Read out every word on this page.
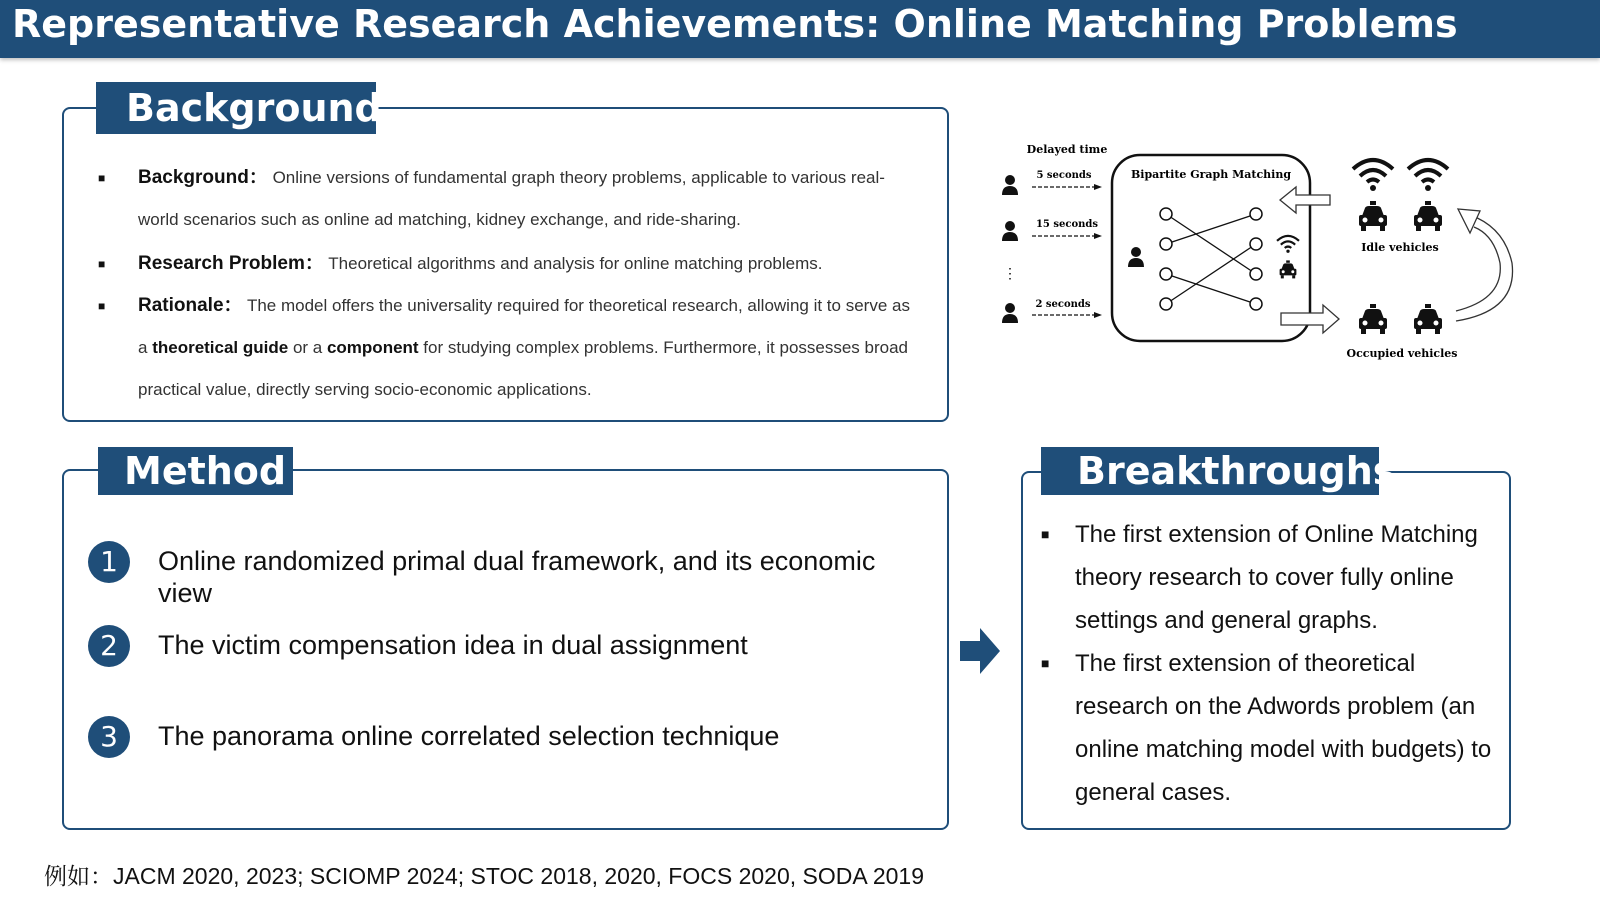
Representative Research Achievements: Online Matching Problems
■ Background： Online versions of fundamental graph theory problems, applicable to various real-world scenarios such as online ad matching, kidney exchange, and ride-sharing.
■ Research Problem： Theoretical algorithms and analysis for online matching problems.
■ Rationale： The model offers the universality required for theoretical research, allowing it to serve as a theoretical guide or a component for studying complex problems. Furthermore, it possesses broad practical value, directly serving socio-economic applications.
Background
Delayed time
⋮
5 seconds
15 seconds
2 seconds
Bipartite Graph Matching
Idle vehicles
Occupied vehicles
1	Online randomized primal dual framework, and its economic view
2	The victim compensation idea in dual assignment
3	The panorama online correlated selection technique
Method
■ The first extension of Online Matching theory research to cover fully online settings and general graphs.
■ The first extension of theoretical research on the Adwords problem (an online matching model with budgets) to general cases.
Breakthroughs
例如：JACM 2020, 2023; SCIOMP 2024; STOC 2018, 2020, FOCS 2020, SODA 2019
